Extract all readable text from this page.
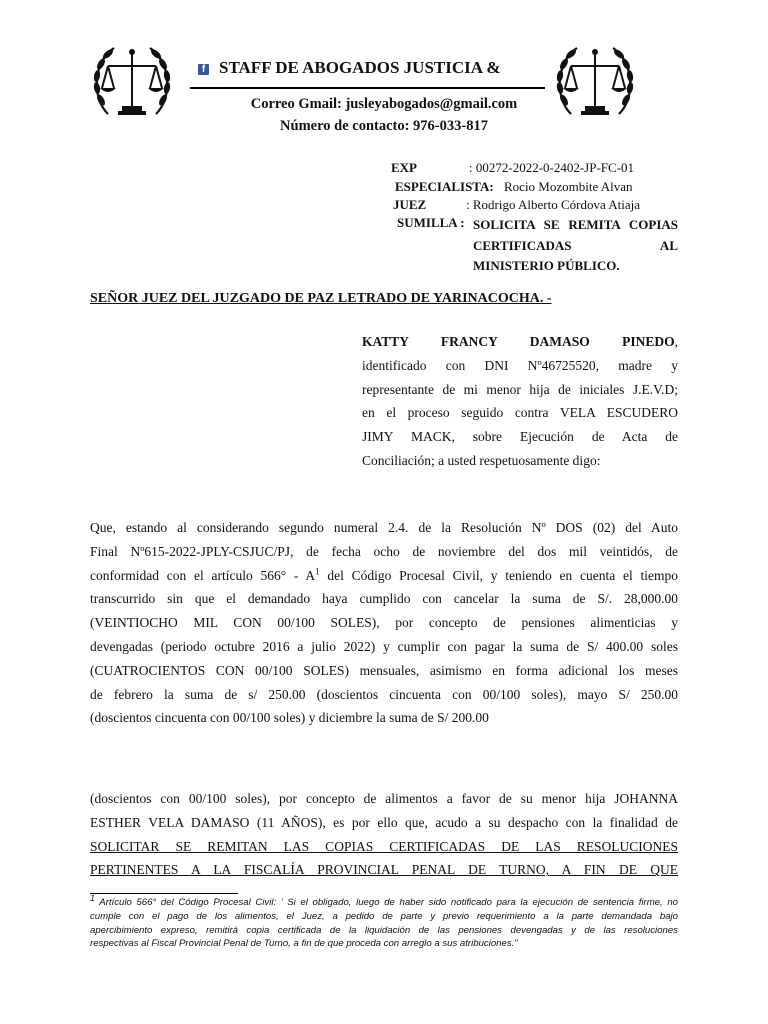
f STAFF DE ABOGADOS JUSTICIA &
Correo Gmail: jusleyabogados@gmail.com
Número de contacto: 976-033-817
EXP	: 00272-2022-0-2402-JP-FC-01
ESPECIALISTA: Rocio Mozombite Alvan
JUEZ	: Rodrigo Alberto Córdova Atiaja
SUMILLA : SOLICITA SE REMITA COPIAS
CERTIFICADAS AL
MINISTERIO PÚBLICO.
SEÑOR JUEZ DEL JUZGADO DE PAZ LETRADO DE YARINACOCHA. -
KATTY FRANCY DAMASO PINEDO,
identificado con DNI Nº46725520, madre y
representante de mi menor hija de iniciales J.E.V.D;
en el proceso seguido contra VELA ESCUDERO
JIMY MACK, sobre Ejecución de Acta de
Conciliación; a usted respetuosamente digo:
Que, estando al considerando segundo numeral 2.4. de la Resolución Nº DOS (02) del Auto
Final Nº615-2022-JPLY-CSJUC/PJ, de fecha ocho de noviembre del dos mil veintidós, de
conformidad con el artículo $566^\circ - A^1$ del Código Procesal Civil, y teniendo en cuenta el tiempo
transcurrido sin que el demandado haya cumplido con cancelar la suma de S/. 28,000.00
(VEINTIOCHO MIL CON 00/100 SOLES), por concepto de pensiones alimenticias y
devengadas (periodo octubre 2016 a julio 2022) y cumplir con pagar la suma de S/ 400.00 soles
(CUATROCIENTOS CON 00/100 SOLES) mensuales, asimismo en forma adicional los meses
de febrero la suma de s/ 250.00 (doscientos cincuenta con 00/100 soles), mayo S/ 250.00
(doscientos cincuenta con 00/100 soles) y diciembre la suma de S/ 200.00
(doscientos con 00/100 soles), por concepto de alimentos a favor de su menor hija JOHANNA
ESTHER VELA DAMASO (11 AÑOS), es por ello que, acudo a su despacho con la finalidad de
SOLICITAR SE REMITAN LAS COPIAS CERTIFICADAS DE LAS RESOLUCIONES
PERTINENTES A LA FISCALÍA PROVINCIAL PENAL DE TURNO, A FIN DE QUE
$^1$ Artículo 566° del Código Procesal Civil: ' Si el obligado, luego de haber sido notificado para la ejecución de sentencia firme, no
cumple con el pago de los alimentos, el Juez, a pedido de parte y previo requerimiento a la parte demandada bajo
apercibimiento expreso, remitirá copia certificada de la liquidación de las pensiones devengadas y de las resoluciones
respectivas al Fiscal Provincial Penal de Turno, a fin de que proceda con arreglo a sus atribuciones."
